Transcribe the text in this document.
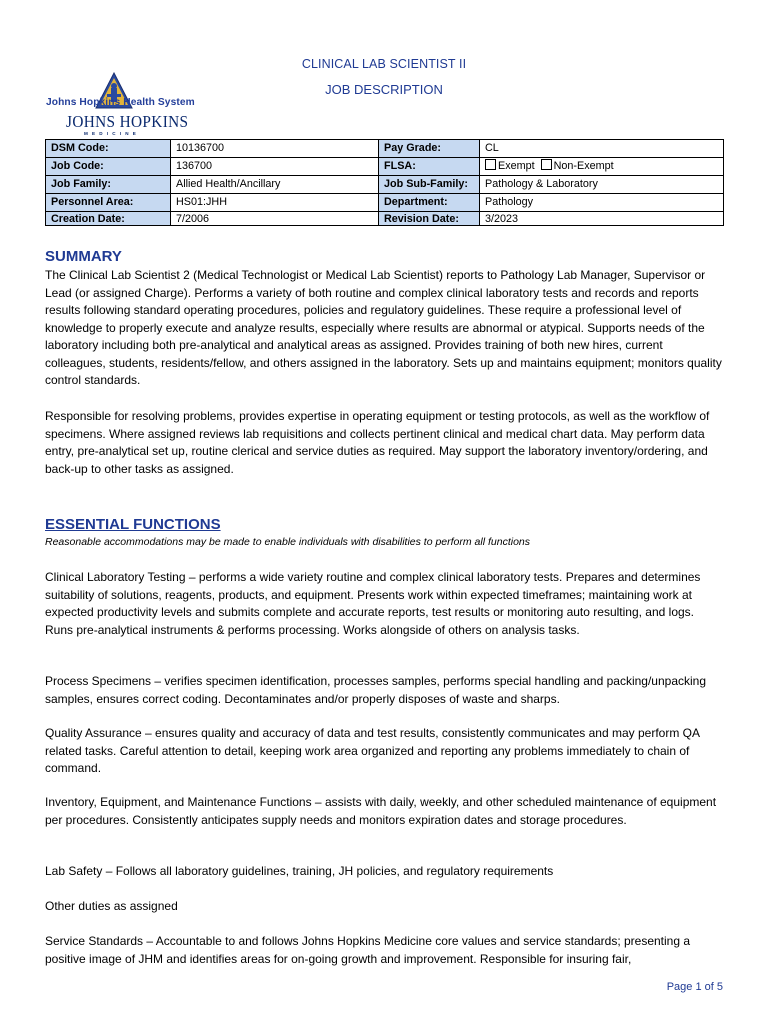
CLINICAL LAB SCIENTIST II
JOB DESCRIPTION
Johns Hopkins Health System
JOHNS HOPKINS
MEDICINE
DSM Code:	10136700	Pay Grade:	CL
Job Code:	136700	FLSA:	Exempt Non-Exempt
Job Family:	Allied Health/Ancillary	Job Sub-Family:	Pathology & Laboratory
Personnel Area:	HS01:JHH	Department:	Pathology
Creation Date:	7/2006	Revision Date:	3/2023
SUMMARY
The Clinical Lab Scientist 2 (Medical Technologist or Medical Lab Scientist) reports to Pathology Lab Manager, Supervisor or Lead (or assigned Charge). Performs a variety of both routine and complex clinical laboratory tests and records and reports results following standard operating procedures, policies and regulatory guidelines. These require a professional level of knowledge to properly execute and analyze results, especially where results are abnormal or atypical. Supports needs of the laboratory including both pre-analytical and analytical areas as assigned. Provides training of both new hires, current colleagues, students, residents/fellow, and others assigned in the laboratory. Sets up and maintains equipment; monitors quality control standards.
Responsible for resolving problems, provides expertise in operating equipment or testing protocols, as well as the workflow of specimens. Where assigned reviews lab requisitions and collects pertinent clinical and medical chart data. May perform data entry, pre-analytical set up, routine clerical and service duties as required. May support the laboratory inventory/ordering, and back-up to other tasks as assigned.
ESSENTIAL FUNCTIONS
Reasonable accommodations may be made to enable individuals with disabilities to perform all functions
Clinical Laboratory Testing – performs a wide variety routine and complex clinical laboratory tests. Prepares and determines suitability of solutions, reagents, products, and equipment. Presents work within expected timeframes; maintaining work at expected productivity levels and submits complete and accurate reports, test results or monitoring auto resulting, and logs. Runs pre-analytical instruments & performs processing. Works alongside of others on analysis tasks.
Process Specimens – verifies specimen identification, processes samples, performs special handling and packing/unpacking samples, ensures correct coding. Decontaminates and/or properly disposes of waste and sharps.
Quality Assurance – ensures quality and accuracy of data and test results, consistently communicates and may perform QA related tasks. Careful attention to detail, keeping work area organized and reporting any problems immediately to chain of command.
Inventory, Equipment, and Maintenance Functions – assists with daily, weekly, and other scheduled maintenance of equipment per procedures. Consistently anticipates supply needs and monitors expiration dates and storage procedures.
Lab Safety – Follows all laboratory guidelines, training, JH policies, and regulatory requirements
Other duties as assigned
Service Standards – Accountable to and follows Johns Hopkins Medicine core values and service standards; presenting a positive image of JHM and identifies areas for on-going growth and improvement. Responsible for insuring fair,
Page 1 of 5
